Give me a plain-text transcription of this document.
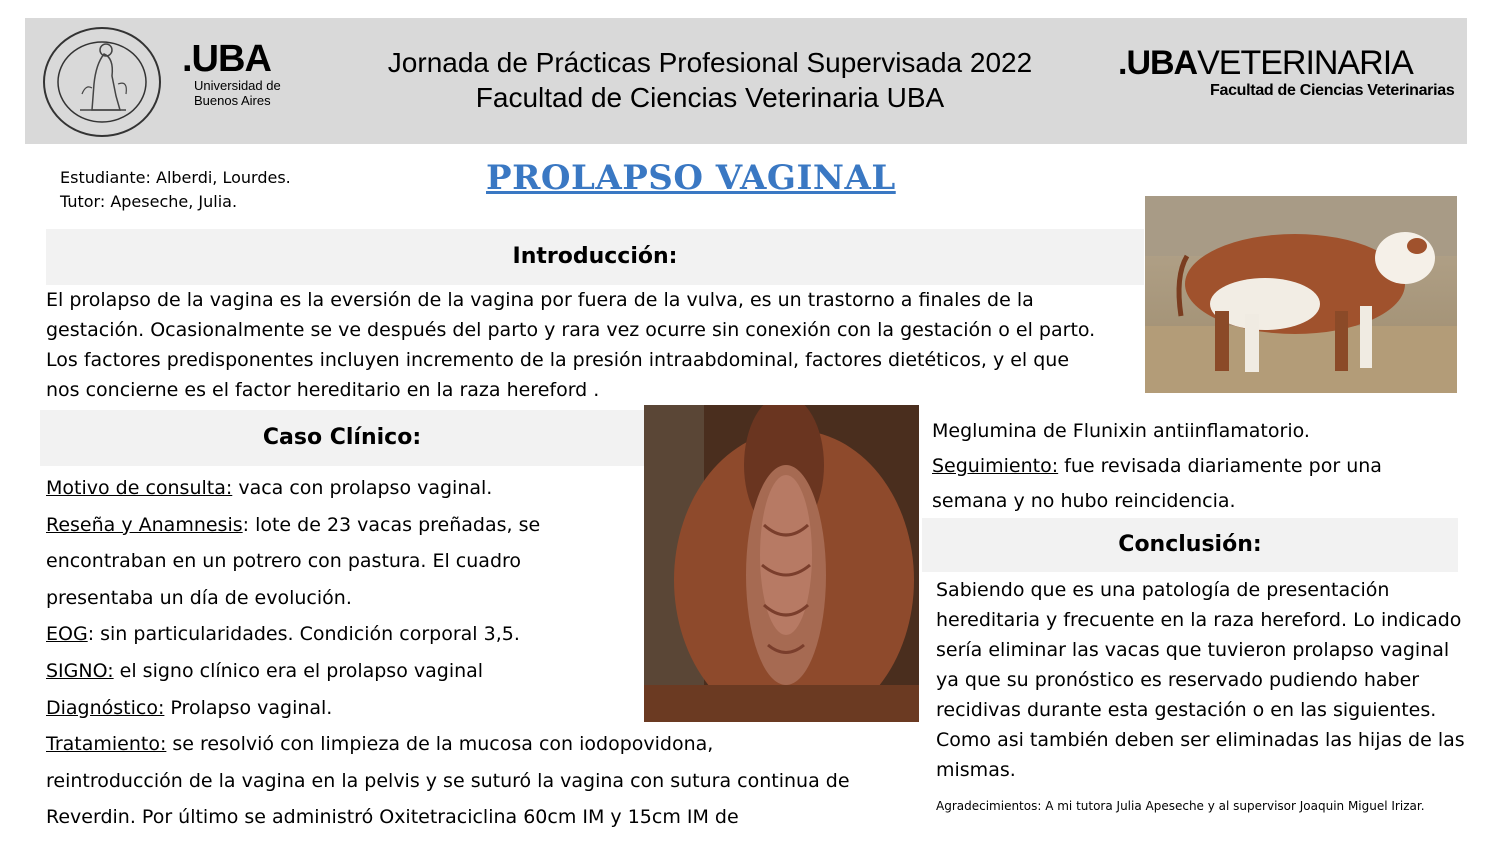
.UBA
Universidad de
Buenos Aires
Jornada de Prácticas Profesional Supervisada 2022
Facultad de Ciencias Veterinaria UBA
.UBAVETERINARIA
Facultad de Ciencias Veterinarias
Estudiante: Alberdi, Lourdes.
Tutor: Apeseche, Julia.
PROLAPSO VAGINAL
Introducción:
El prolapso de la vagina es la eversión de la vagina por fuera de la vulva, es un trastorno a finales de la
gestación. Ocasionalmente se ve después del parto y rara vez ocurre sin conexión con la gestación o el parto.
Los factores predisponentes incluyen incremento de la presión intraabdominal, factores dietéticos, y el que
nos concierne es el factor hereditario en la raza hereford .
Caso Clínico:
Motivo de consulta: vaca con prolapso vaginal.
Reseña y Anamnesis: lote de 23 vacas preñadas, se
encontraban en un potrero con pastura. El cuadro
presentaba un día de evolución.
EOG: sin particularidades. Condición corporal 3,5.
SIGNO: el signo clínico era el prolapso vaginal
Diagnóstico: Prolapso vaginal.
Tratamiento: se resolvió con limpieza de la mucosa con iodopovidona,
reintroducción de la vagina en la pelvis y se suturó la vagina con sutura continua de
Reverdin. Por último se administró Oxitetraciclina 60cm IM y 15cm IM de
Meglumina de Flunixin antiinflamatorio.
Seguimiento: fue revisada diariamente por una
semana y no hubo reincidencia.
Conclusión:
Sabiendo que es una patología de presentación hereditaria y frecuente en la raza hereford. Lo indicado sería eliminar las vacas que tuvieron prolapso vaginal ya que su pronóstico es reservado pudiendo haber recidivas durante esta gestación o en las siguientes. Como asi también deben ser eliminadas las hijas de las mismas.
Agradecimientos: A mi tutora Julia Apeseche y al supervisor Joaquin Miguel Irizar.
